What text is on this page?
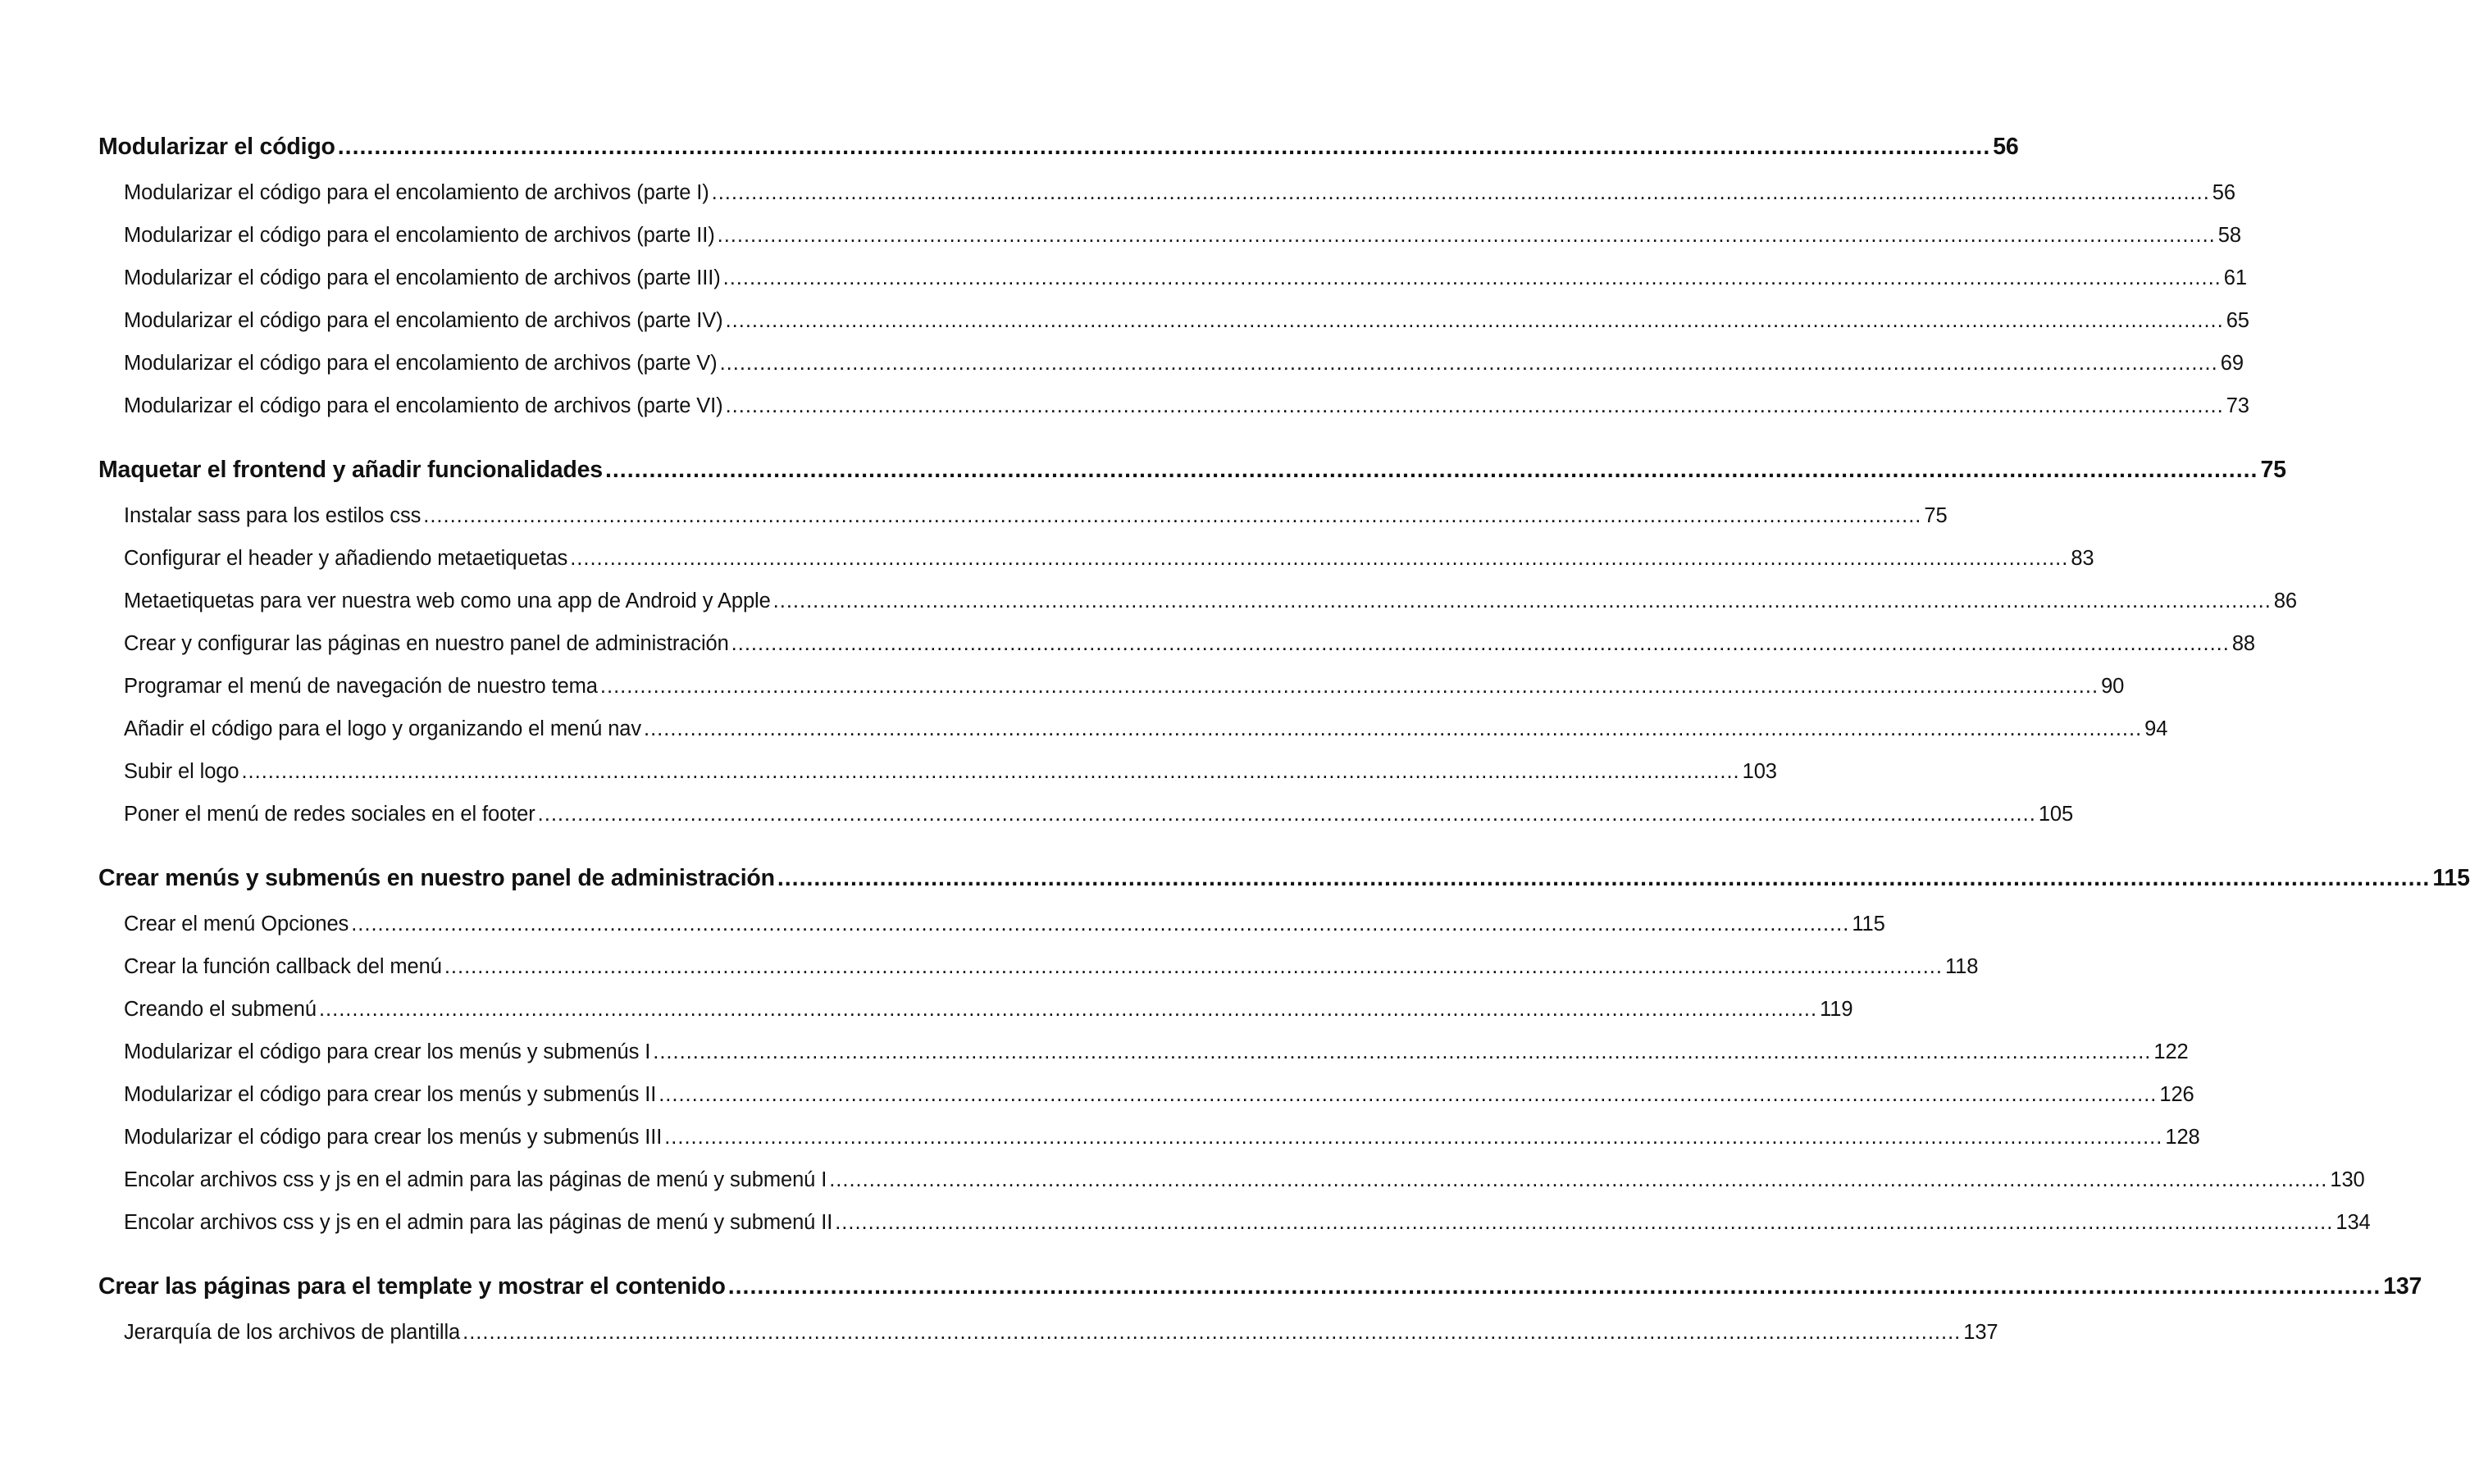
Modularizar el código .....	56
Modularizar el código para el encolamiento de archivos (parte I) .....	56
Modularizar el código para el encolamiento de archivos (parte II) .....	58
Modularizar el código para el encolamiento de archivos (parte III) .....	61
Modularizar el código para el encolamiento de archivos (parte IV) .....	65
Modularizar el código para el encolamiento de archivos (parte V) .....	69
Modularizar el código para el encolamiento de archivos (parte VI) .....	73
Maquetar el frontend y añadir funcionalidades .....	75
Instalar sass para los estilos css .....	75
Configurar el header y añadiendo metaetiquetas .....	83
Metaetiquetas para ver nuestra web como una app de Android y Apple .....	86
Crear y configurar las páginas en nuestro panel de administración .....	88
Programar el menú de navegación de nuestro tema .....	90
Añadir el código para el logo y organizando el menú nav .....	94
Subir el logo .....	103
Poner el menú de redes sociales en el footer .....	105
Crear menús y submenús en nuestro panel de administración .....	115
Crear el menú Opciones .....	115
Crear la función callback del menú .....	118
Creando el submenú .....	119
Modularizar el código para crear los menús y submenús I .....	122
Modularizar el código para crear los menús y submenús II .....	126
Modularizar el código para crear los menús y submenús III .....	128
Encolar archivos css y js en el admin para las páginas de menú y submenú I .....	130
Encolar archivos css y js en el admin para las páginas de menú y submenú II .....	134
Crear las páginas para el template y mostrar el contenido .....	137
Jerarquía de los archivos de plantilla .....	137
